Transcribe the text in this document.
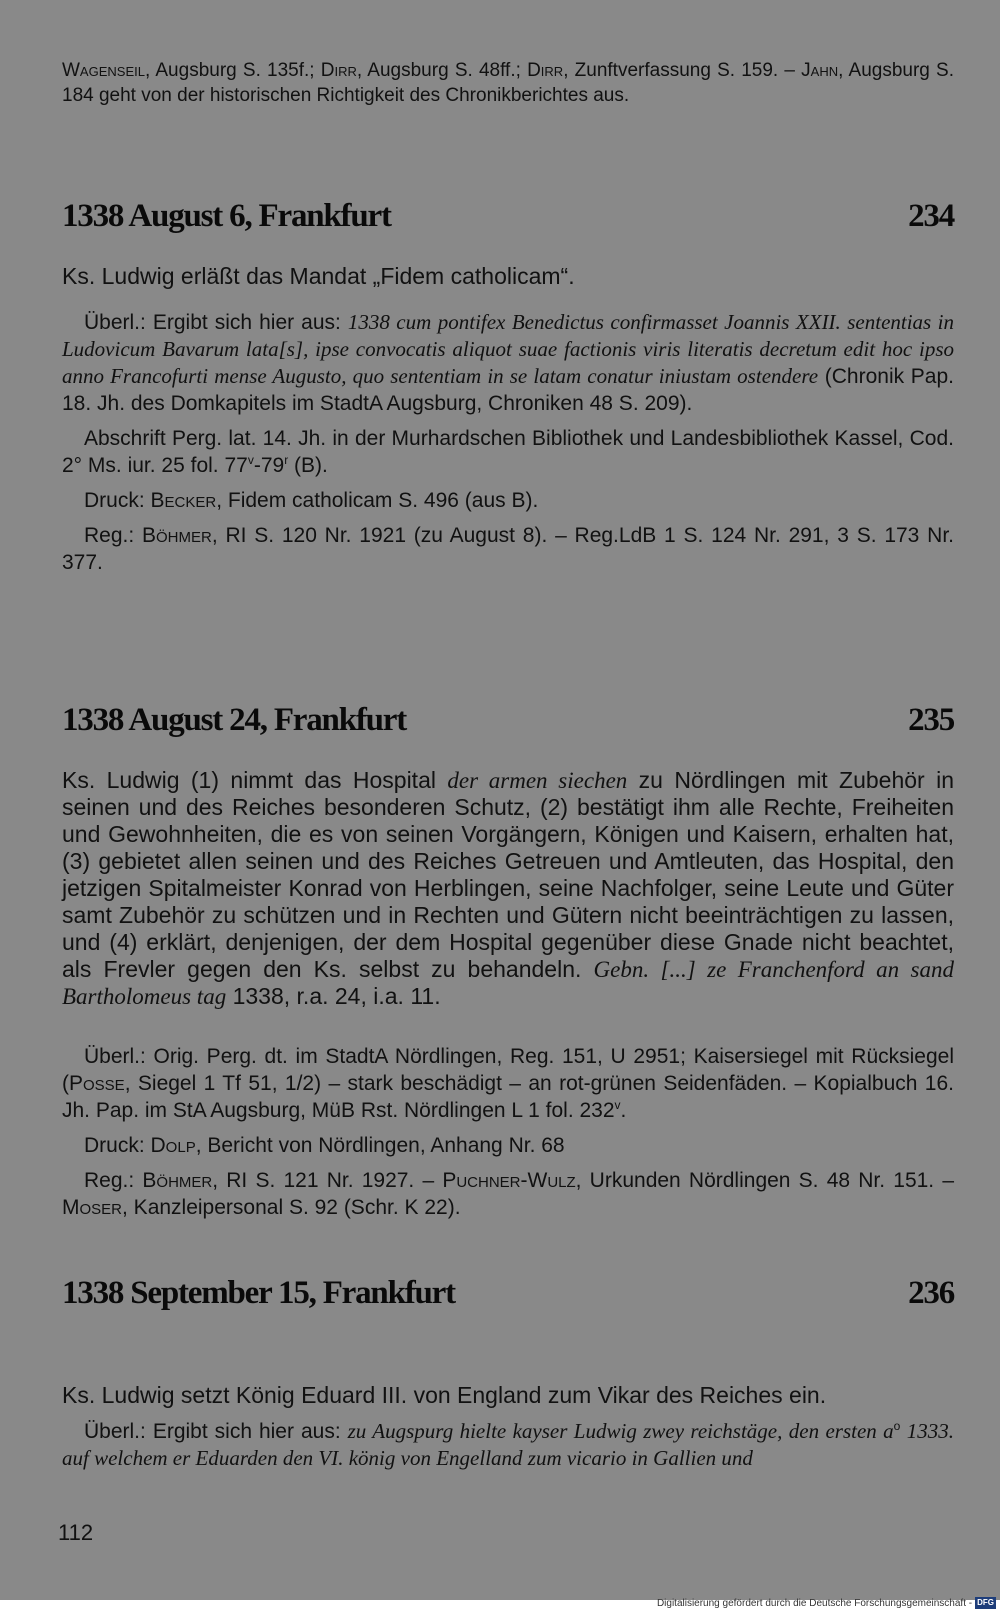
Wagenseil, Augsburg S. 135f.; Dirr, Augsburg S. 48ff.; Dirr, Zunftverfassung S. 159. – Jahn, Augsburg S. 184 geht von der historischen Richtigkeit des Chronikberichtes aus.

1338 August 6, Frankfurt	234

Ks. Ludwig erläßt das Mandat „Fidem catholicam“.

Überl.: Ergibt sich hier aus: 1338 cum pontifex Benedictus confirmasset Joannis XXII. sententias in Ludovicum Bavarum lata[s], ipse convocatis aliquot suae factionis viris literatis decretum edit hoc ipso anno Francofurti mense Augusto, quo sententiam in se latam conatur iniustam ostendere (Chronik Pap. 18. Jh. des Domkapitels im StadtA Augsburg, Chroniken 48 S. 209).

Abschrift Perg. lat. 14. Jh. in der Murhardschen Bibliothek und Landesbibliothek Kassel, Cod. 2° Ms. iur. 25 fol. 77$^v$-79$^r$ (B).

Druck: Becker, Fidem catholicam S. 496 (aus B).

Reg.: Böhmer, RI S. 120 Nr. 1921 (zu August 8). – Reg.LdB 1 S. 124 Nr. 291, 3 S. 173 Nr. 377.

1338 August 24, Frankfurt	235

Ks. Ludwig (1) nimmt das Hospital der armen siechen zu Nördlingen mit Zubehör in seinen und des Reiches besonderen Schutz, (2) bestätigt ihm alle Rechte, Freiheiten und Gewohnheiten, die es von seinen Vorgängern, Königen und Kaisern, erhalten hat, (3) gebietet allen seinen und des Reiches Getreuen und Amtleuten, das Hospital, den jetzigen Spitalmeister Konrad von Herblingen, seine Nachfolger, seine Leute und Güter samt Zubehör zu schützen und in Rechten und Gütern nicht beeinträchtigen zu lassen, und (4) erklärt, denjenigen, der dem Hospital gegenüber diese Gnade nicht beachtet, als Frevler gegen den Ks. selbst zu behandeln. Gebn. [...] ze Franchenford an sand Bartholomeus tag 1338, r.a. 24, i.a. 11.

Überl.: Orig. Perg. dt. im StadtA Nördlingen, Reg. 151, U 2951; Kaisersiegel mit Rücksiegel (Posse, Siegel 1 Tf 51, 1/2) – stark beschädigt – an rot-grünen Seidenfäden. – Kopialbuch 16. Jh. Pap. im StA Augsburg, MüB Rst. Nördlingen L 1 fol. 232$^v$.

Druck: Dolp, Bericht von Nördlingen, Anhang Nr. 68

Reg.: Böhmer, RI S. 121 Nr. 1927. – Puchner-Wulz, Urkunden Nördlingen S. 48 Nr. 151. – Moser, Kanzleipersonal S. 92 (Schr. K 22).

1338 September 15, Frankfurt	236

Ks. Ludwig setzt König Eduard III. von England zum Vikar des Reiches ein.

Überl.: Ergibt sich hier aus: zu Augspurg hielte kayser Ludwig zwey reichstäge, den ersten $a^o$ 1333. auf welchem er Eduarden den VI. könig von Engelland zum vicario in Gallien und

112
Digitalisierung gefördert durch die Deutsche Forschungsgemeinschaft - DFG
